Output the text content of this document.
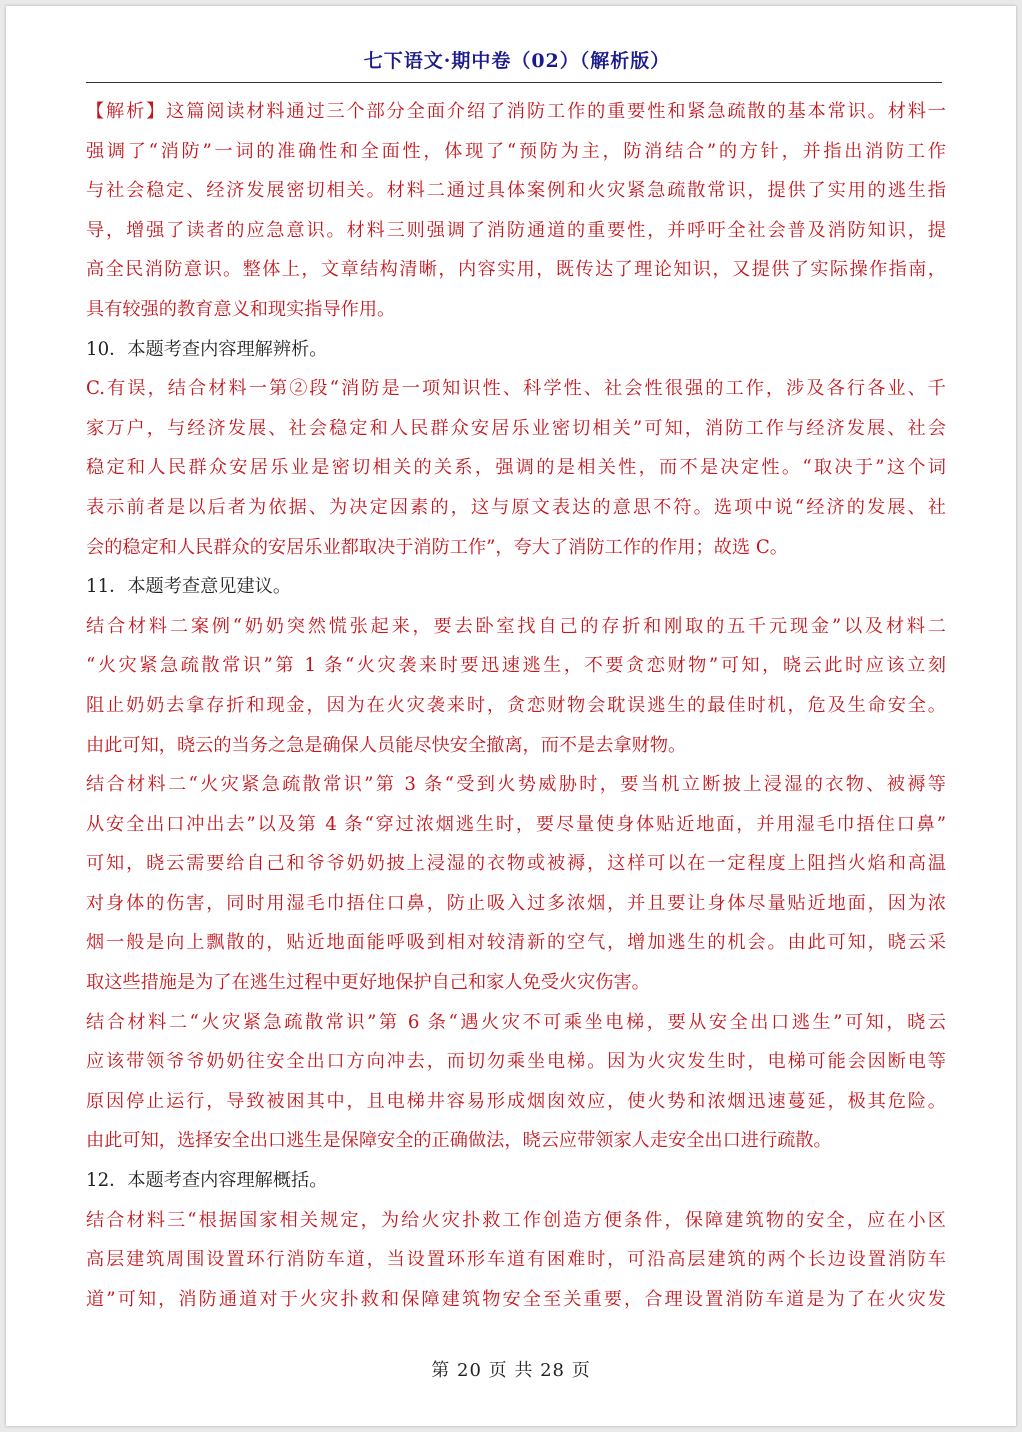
七下语文·期中卷（02）（解析版）
【解析】这篇阅读材料通过三个部分全面介绍了消防工作的重要性和紧急疏散的基本常识。材料一
强调了“消防”一词的准确性和全面性，体现了“预防为主，防消结合”的方针，并指出消防工作
与社会稳定、经济发展密切相关。材料二通过具体案例和火灾紧急疏散常识，提供了实用的逃生指
导，增强了读者的应急意识。材料三则强调了消防通道的重要性，并呼吁全社会普及消防知识，提
高全民消防意识。整体上，文章结构清晰，内容实用，既传达了理论知识，又提供了实际操作指南，
具有较强的教育意义和现实指导作用。
10．本题考查内容理解辨析。
C.有误，结合材料一第②段“消防是一项知识性、科学性、社会性很强的工作，涉及各行各业、千
家万户，与经济发展、社会稳定和人民群众安居乐业密切相关”可知，消防工作与经济发展、社会
稳定和人民群众安居乐业是密切相关的关系，强调的是相关性，而不是决定性。“取决于”这个词
表示前者是以后者为依据、为决定因素的，这与原文表达的意思不符。选项中说“经济的发展、社
会的稳定和人民群众的安居乐业都取决于消防工作”，夸大了消防工作的作用；故选 C。
11．本题考查意见建议。
结合材料二案例“奶奶突然慌张起来，要去卧室找自己的存折和刚取的五千元现金”以及材料二
“火灾紧急疏散常识”第 1 条“火灾袭来时要迅速逃生，不要贪恋财物”可知，晓云此时应该立刻
阻止奶奶去拿存折和现金，因为在火灾袭来时，贪恋财物会耽误逃生的最佳时机，危及生命安全。
由此可知，晓云的当务之急是确保人员能尽快安全撤离，而不是去拿财物。
结合材料二“火灾紧急疏散常识”第 3 条“受到火势威胁时，要当机立断披上浸湿的衣物、被褥等
从安全出口冲出去”以及第 4 条“穿过浓烟逃生时，要尽量使身体贴近地面，并用湿毛巾捂住口鼻”
可知，晓云需要给自己和爷爷奶奶披上浸湿的衣物或被褥，这样可以在一定程度上阻挡火焰和高温
对身体的伤害，同时用湿毛巾捂住口鼻，防止吸入过多浓烟，并且要让身体尽量贴近地面，因为浓
烟一般是向上飘散的，贴近地面能呼吸到相对较清新的空气，增加逃生的机会。由此可知，晓云采
取这些措施是为了在逃生过程中更好地保护自己和家人免受火灾伤害。
结合材料二“火灾紧急疏散常识”第 6 条“遇火灾不可乘坐电梯，要从安全出口逃生”可知，晓云
应该带领爷爷奶奶往安全出口方向冲去，而切勿乘坐电梯。因为火灾发生时，电梯可能会因断电等
原因停止运行，导致被困其中，且电梯井容易形成烟囱效应，使火势和浓烟迅速蔓延，极其危险。
由此可知，选择安全出口逃生是保障安全的正确做法，晓云应带领家人走安全出口进行疏散。
12．本题考查内容理解概括。
结合材料三“根据国家相关规定，为给火灾扑救工作创造方便条件，保障建筑物的安全，应在小区
高层建筑周围设置环行消防车道，当设置环形车道有困难时，可沿高层建筑的两个长边设置消防车
道”可知，消防通道对于火灾扑救和保障建筑物安全至关重要，合理设置消防车道是为了在火灾发
第 20 页 共 28 页
